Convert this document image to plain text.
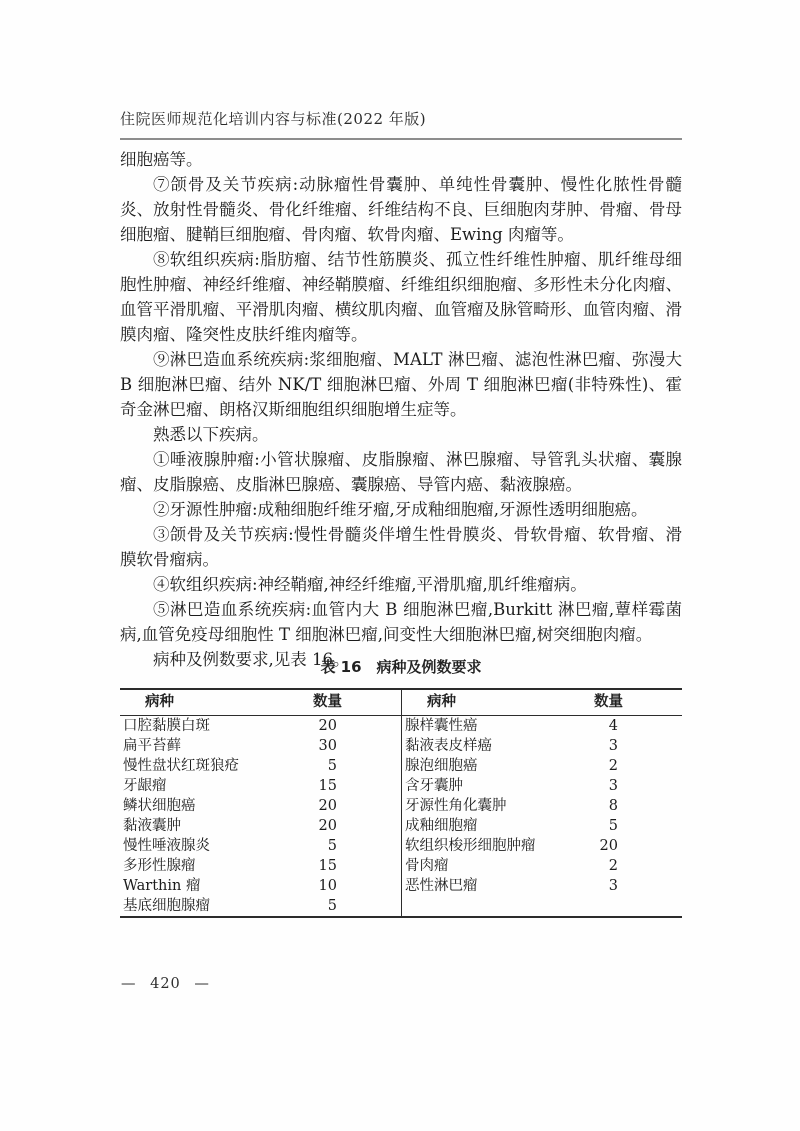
住院医师规范化培训内容与标准(2022 年版)

细胞癌等。

⑦颌骨及关节疾病:动脉瘤性骨囊肿、单纯性骨囊肿、慢性化脓性骨髓炎、放射性骨髓炎、骨化纤维瘤、纤维结构不良、巨细胞肉芽肿、骨瘤、骨母细胞瘤、腱鞘巨细胞瘤、骨肉瘤、软骨肉瘤、Ewing 肉瘤等。

⑧软组织疾病:脂肪瘤、结节性筋膜炎、孤立性纤维性肿瘤、肌纤维母细胞性肿瘤、神经纤维瘤、神经鞘膜瘤、纤维组织细胞瘤、多形性未分化肉瘤、血管平滑肌瘤、平滑肌肉瘤、横纹肌肉瘤、血管瘤及脉管畸形、血管肉瘤、滑膜肉瘤、隆突性皮肤纤维肉瘤等。

⑨淋巴造血系统疾病:浆细胞瘤、MALT 淋巴瘤、滤泡性淋巴瘤、弥漫大 B 细胞淋巴瘤、结外 NK/T 细胞淋巴瘤、外周 T 细胞淋巴瘤(非特殊性)、霍奇金淋巴瘤、朗格汉斯细胞组织细胞增生症等。

熟悉以下疾病。

①唾液腺肿瘤:小管状腺瘤、皮脂腺瘤、淋巴腺瘤、导管乳头状瘤、囊腺瘤、皮脂腺癌、皮脂淋巴腺癌、囊腺癌、导管内癌、黏液腺癌。

②牙源性肿瘤:成釉细胞纤维牙瘤,牙成釉细胞瘤,牙源性透明细胞癌。

③颌骨及关节疾病:慢性骨髓炎伴增生性骨膜炎、骨软骨瘤、软骨瘤、滑膜软骨瘤病。

④软组织疾病:神经鞘瘤,神经纤维瘤,平滑肌瘤,肌纤维瘤病。

⑤淋巴造血系统疾病:血管内大 B 细胞淋巴瘤,Burkitt 淋巴瘤,蕈样霉菌病,血管免疫母细胞性 T 细胞淋巴瘤,间变性大细胞淋巴瘤,树突细胞肉瘤。

病种及例数要求,见表 16。

表 16　病种及例数要求
病种	数量
口腔黏膜白斑	20
扁平苔藓	30
慢性盘状红斑狼疮	5
牙龈瘤	15
鳞状细胞癌	20
黏液囊肿	20
慢性唾液腺炎	5
多形性腺瘤	15
Warthin 瘤	10
基底细胞腺瘤	5
病种	数量
腺样囊性癌	4
黏液表皮样癌	3
腺泡细胞癌	2
含牙囊肿	3
牙源性角化囊肿	8
成釉细胞瘤	5
软组织梭形细胞肿瘤	20
骨肉瘤	2
恶性淋巴瘤	3
— 420 —
